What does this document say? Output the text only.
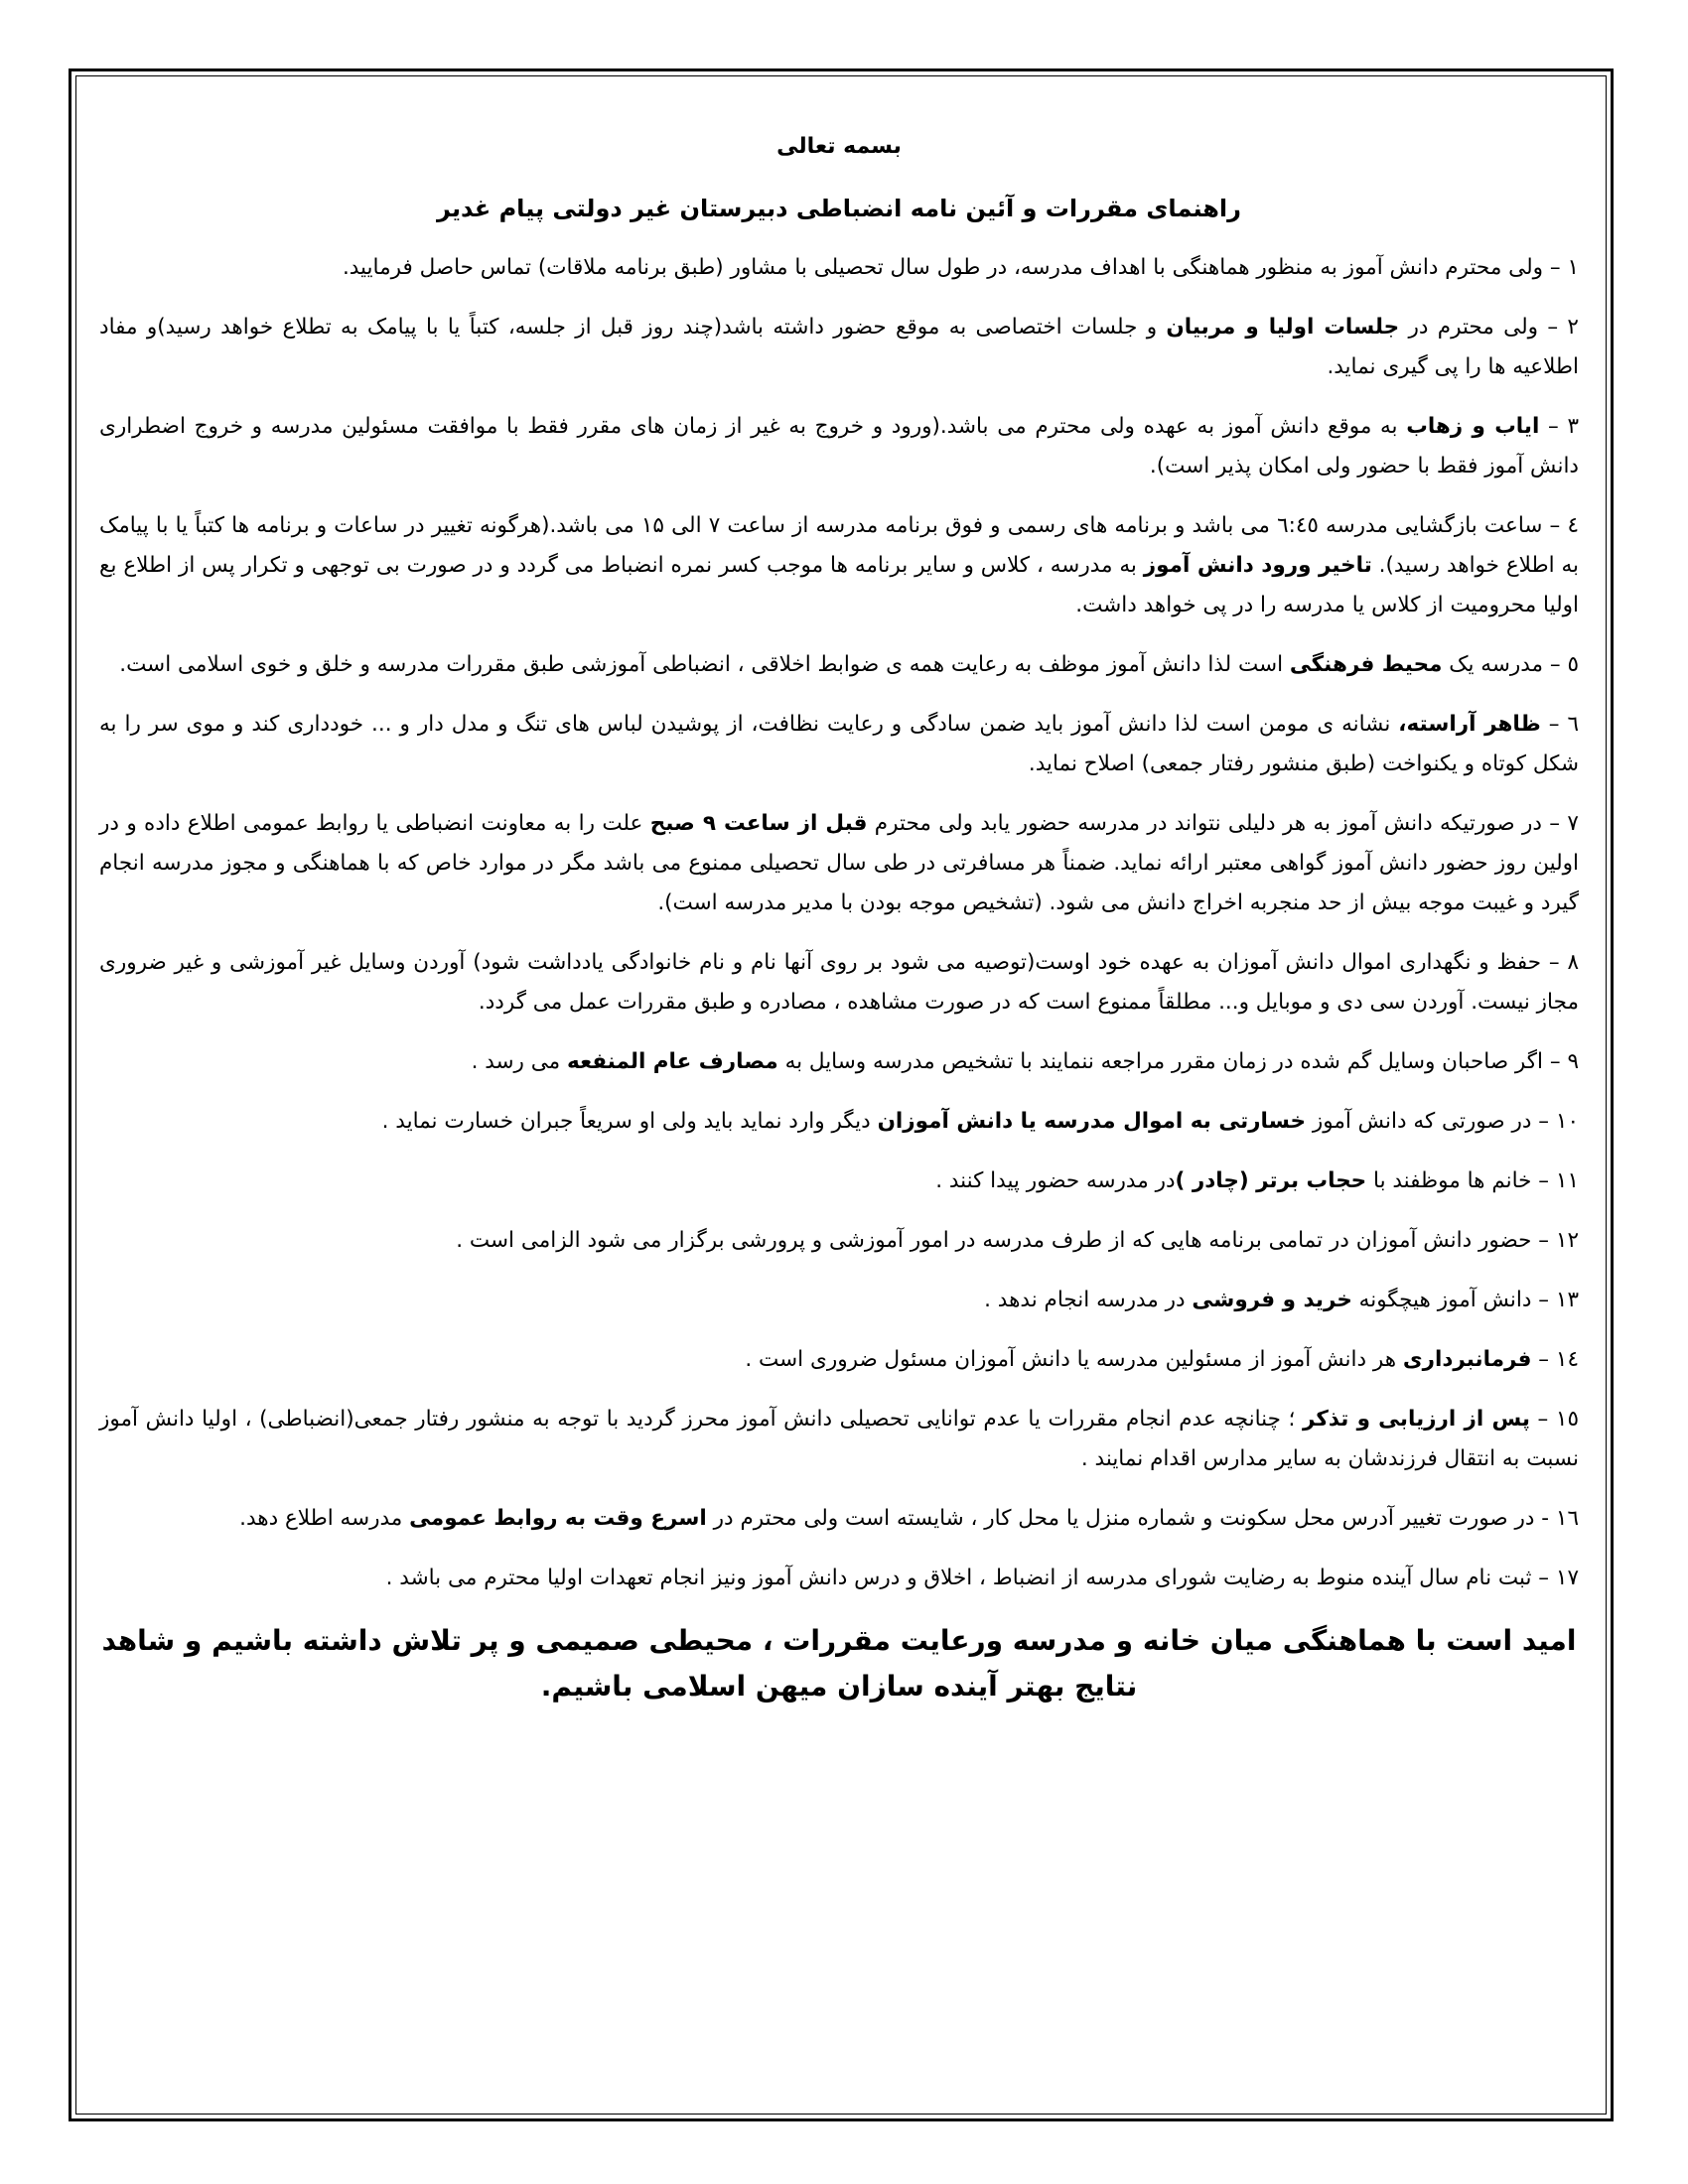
بسمه تعالی
راهنمای مقررات و آئین نامه انضباطی دبیرستان غیر دولتی پیام غدیر
۱ – ولی محترم دانش آموز به منظور هماهنگی با اهداف مدرسه، در طول سال تحصیلی با مشاور (طبق برنامه ملاقات) تماس حاصل فرمایید.
۲ – ولی محترم در جلسات اولیا و مربیان و جلسات اختصاصی به موقع حضور داشته باشد(چند روز قبل از جلسه، کتباً یا با پیامک به تطلاع خواهد رسید)و مفاد اطلاعیه ها را پی گیری نماید.
۳ – ایاب و زهاب به موقع دانش آموز به عهده ولی محترم می باشد.(ورود و خروج به غیر از زمان های مقرر فقط با موافقت مسئولین مدرسه و خروج اضطراری دانش آموز فقط با حضور ولی امکان پذیر است).
٤ – ساعت بازگشایی مدرسه ٦:٤٥ می باشد و برنامه های رسمی و فوق برنامه مدرسه از ساعت ۷ الی ۱۵ می باشد.(هرگونه تغییر در ساعات و برنامه ها کتباً یا با پیامک به اطلاع خواهد رسید). تاخیر ورود دانش آموز به مدرسه ، کلاس و سایر برنامه ها موجب کسر نمره انضباط می گردد و در صورت بی توجهی و تکرار پس از اطلاع بع اولیا محرومیت از کلاس یا مدرسه را در پی خواهد داشت.
٥ – مدرسه یک محیط فرهنگی است لذا دانش آموز موظف به رعایت همه ی ضوابط اخلاقی ، انضباطی آموزشی طبق مقررات مدرسه و خلق و خوی اسلامی است.
٦ – ظاهر آراسته، نشانه ی مومن است لذا دانش آموز باید ضمن سادگی و رعایت نظافت، از پوشیدن لباس های تنگ و مدل دار و ... خودداری کند و موی سر را به شکل کوتاه و یکنواخت (طبق منشور رفتار جمعی) اصلاح نماید.
۷ – در صورتیکه دانش آموز به هر دلیلی نتواند در مدرسه حضور یابد ولی محترم قبل از ساعت ۹ صبح علت را به معاونت انضباطی یا روابط عمومی اطلاع داده و در اولین روز حضور دانش آموز گواهی معتبر ارائه نماید. ضمناً هر مسافرتی در طی سال تحصیلی ممنوع می باشد مگر در موارد خاص که با هماهنگی و مجوز مدرسه انجام گیرد و غیبت موجه بیش از حد منجربه اخراج دانش می شود. (تشخیص موجه بودن با مدیر مدرسه است).
۸ – حفظ و نگهداری اموال دانش آموزان به عهده خود اوست(توصیه می شود بر روی آنها نام و نام خانوادگی یادداشت شود) آوردن وسایل غیر آموزشی و غیر ضروری مجاز نیست. آوردن سی دی و موبایل و... مطلقاً ممنوع است که در صورت مشاهده ، مصادره و طبق مقررات عمل می گردد.
۹ – اگر صاحبان وسایل گم شده در زمان مقرر مراجعه ننمایند با تشخیص مدرسه وسایل به مصارف عام المنفعه می رسد .
۱۰ – در صورتی که دانش آموز خسارتی به اموال مدرسه یا دانش آموزان دیگر وارد نماید باید ولی او سریعاً جبران خسارت نماید .
۱۱ – خانم ها موظفند با حجاب برتر (چادر )در مدرسه حضور پیدا کنند .
۱۲ – حضور دانش آموزان در تمامی برنامه هایی که از طرف مدرسه در امور آموزشی و پرورشی برگزار می شود الزامی است .
۱۳ – دانش آموز هیچگونه خرید و فروشی در مدرسه انجام ندهد .
١٤ – فرمانبرداری هر دانش آموز از مسئولین مدرسه یا دانش آموزان مسئول ضروری است .
۱٥ – پس از ارزیابی و تذکر ؛ چنانچه عدم انجام مقررات یا عدم توانایی تحصیلی دانش آموز محرز گردید با توجه به منشور رفتار جمعی(انضباطی) ، اولیا دانش آموز نسبت به انتقال فرزندشان به سایر مدارس اقدام نمایند .
۱٦ - در صورت تغییر آدرس محل سکونت و شماره منزل یا محل کار ، شایسته است ولی محترم در اسرع وقت به روابط عمومی مدرسه اطلاع دهد.
۱۷ – ثبت نام سال آینده منوط به رضایت شورای مدرسه از انضباط ، اخلاق و درس دانش آموز ونیز انجام تعهدات اولیا محترم می باشد .
امید است با هماهنگی میان خانه و مدرسه ورعایت مقررات ، محیطی صمیمی و پر تلاش داشته باشیم و شاهد نتایج بهتر آینده سازان میهن اسلامی باشیم.
